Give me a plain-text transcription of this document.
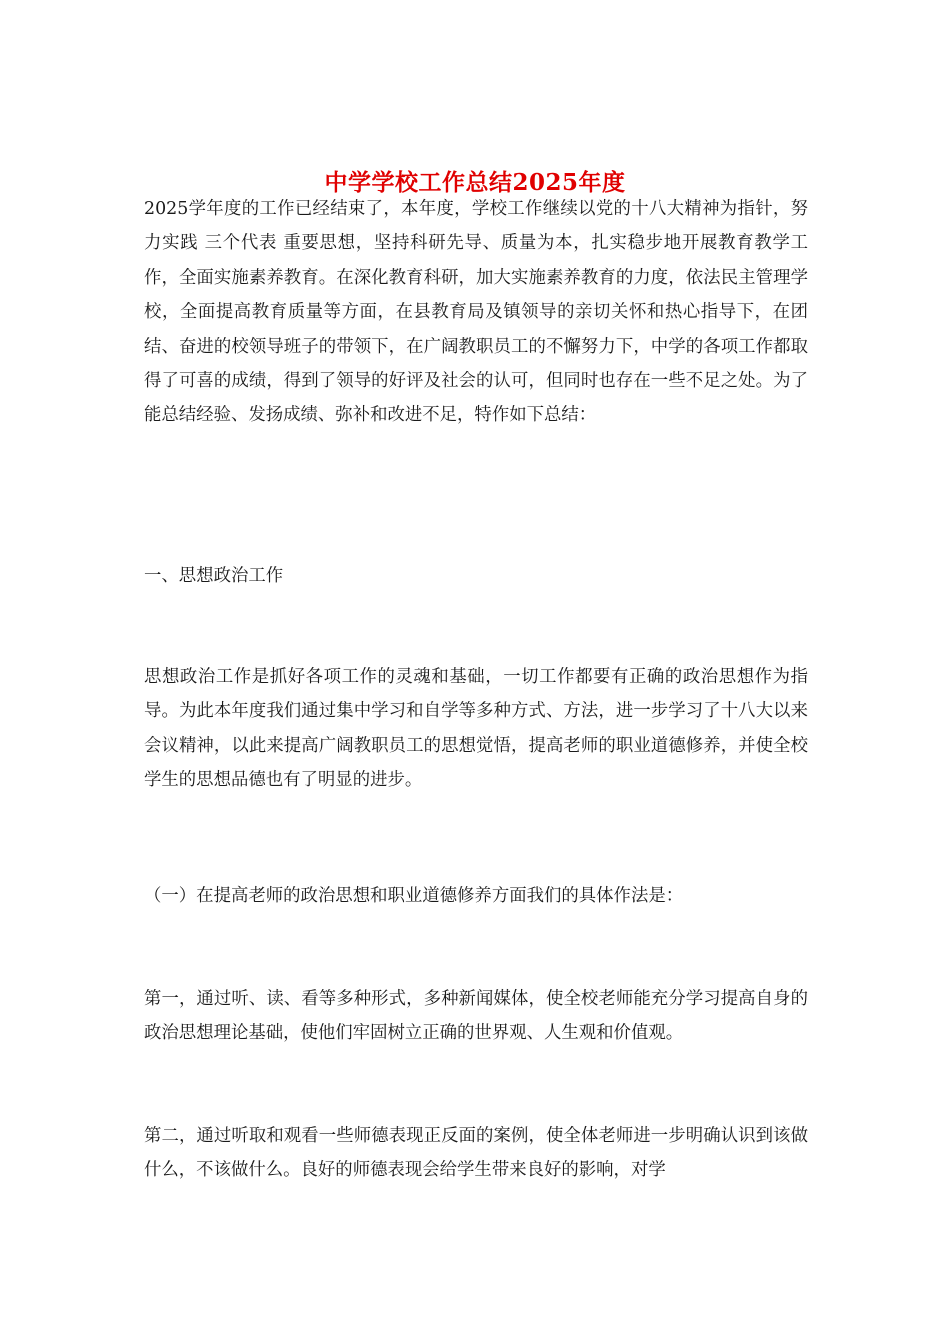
中学学校工作总结2025年度

2025学年度的工作已经结束了，本年度，学校工作继续以党的十八大精神为指针，努力实践 三个代表 重要思想，坚持科研先导、质量为本，扎实稳步地开展教育教学工作，全面实施素养教育。在深化教育科研，加大实施素养教育的力度，依法民主管理学校，全面提高教育质量等方面，在县教育局及镇领导的亲切关怀和热心指导下，在团结、奋进的校领导班子的带领下，在广阔教职员工的不懈努力下，中学的各项工作都取得了可喜的成绩，得到了领导的好评及社会的认可，但同时也存在一些不足之处。为了能总结经验、发扬成绩、弥补和改进不足，特作如下总结：

一、思想政治工作

思想政治工作是抓好各项工作的灵魂和基础，一切工作都要有正确的政治思想作为指导。为此本年度我们通过集中学习和自学等多种方式、方法，进一步学习了十八大以来会议精神，以此来提高广阔教职员工的思想觉悟，提高老师的职业道德修养，并使全校学生的思想品德也有了明显的进步。

（一）在提高老师的政治思想和职业道德修养方面我们的具体作法是：

第一，通过听、读、看等多种形式，多种新闻媒体，使全校老师能充分学习提高自身的政治思想理论基础，使他们牢固树立正确的世界观、人生观和价值观。

第二，通过听取和观看一些师德表现正反面的案例，使全体老师进一步明确认识到该做什么，不该做什么。良好的师德表现会给学生带来良好的影响，对学
